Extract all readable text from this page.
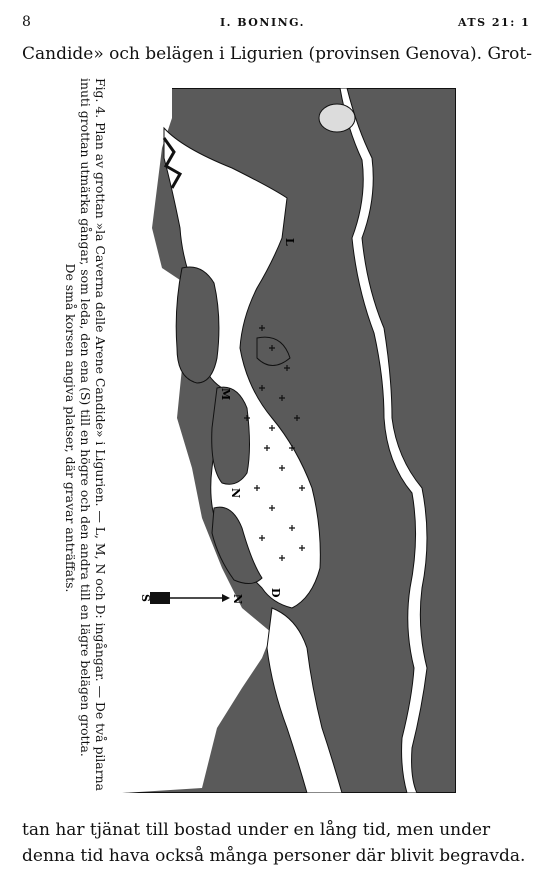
8	I. BONING.	ATS 21: 1
Candide» och belägen i Ligurien (provinsen Genova). Grot-
Fig. 4. Plan av grottan »la Caverna delle Arene Candide» i Ligurien. — L, M, N och D: ingångar. — De två pilarna
inuti grottan utmärka gångar, som leda, den ena (S) till en högre och den andra till en lägre belägen grotta.
De små korsen angiva platser, där gravar anträffats.	M
N
D
L
N
S
tan har tjänat till bostad under en lång tid, men under
denna tid hava också många personer där blivit begravda.
